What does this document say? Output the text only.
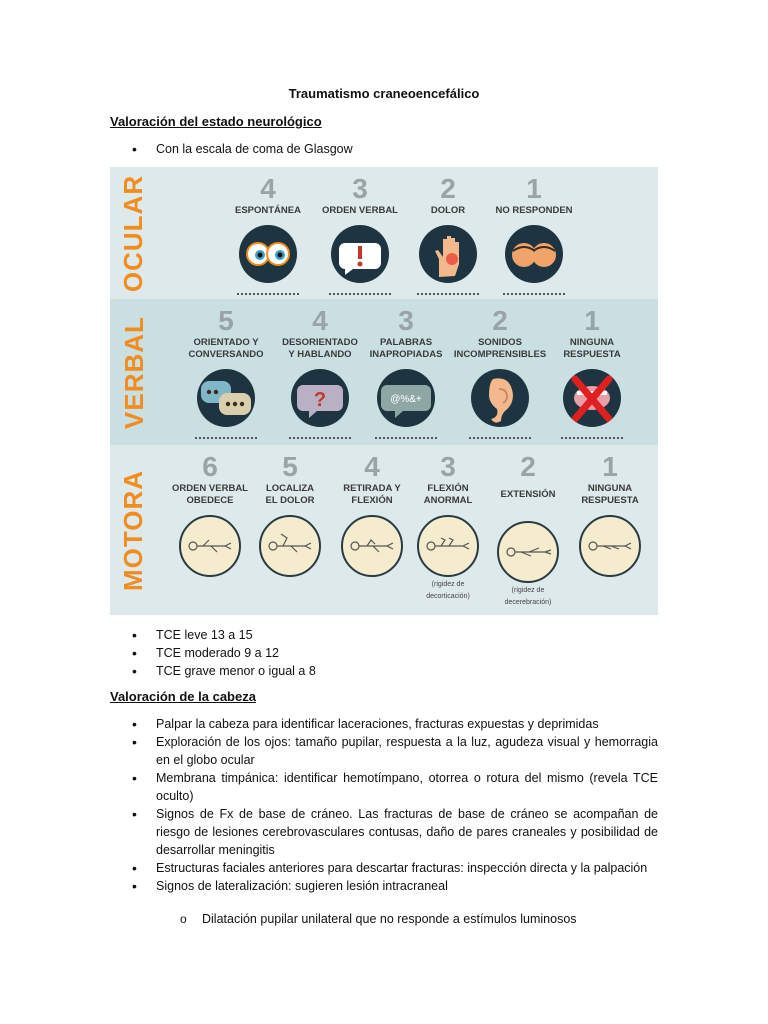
Traumatismo craneoencefálico
Valoración del estado neurológico
• Con la escala de coma de Glasgow
OCULAR	4
ESPONTÁNEA
3
ORDEN VERBAL
2
DOLOR
1
NO RESPONDEN
VERBAL	5
ORIENTADO Y
CONVERSANDO
4
DESORIENTADO
Y HABLANDO
?
3
PALABRAS
INAPROPIADAS
@%&+
2
SONIDOS
INCOMPRENSIBLES
1
NINGUNA
RESPUESTA
MOTORA
6
ORDEN VERBAL
OBEDECE
5
LOCALIZA
EL DOLOR
4
RETIRADA Y
FLEXIÓN
3
FLEXIÓN
ANORMAL
(rigidez de
decorticación)
2
EXTENSIÓN
(rigidez de
decerebración)
1
NINGUNA
RESPUESTA
• TCE leve 13 a 15
• TCE moderado 9 a 12
• TCE grave menor o igual a 8
Valoración de la cabeza
• Palpar la cabeza para identificar laceraciones, fracturas expuestas y deprimidas
• Exploración de los ojos: tamaño pupilar, respuesta a la luz, agudeza visual y hemorragia en el globo ocular
• Membrana timpánica: identificar hemotímpano, otorrea o rotura del mismo (revela TCE oculto)
• Signos de Fx de base de cráneo. Las fracturas de base de cráneo se acompañan de riesgo de lesiones cerebrovasculares contusas, daño de pares craneales y posibilidad de desarrollar meningitis
• Estructuras faciales anteriores para descartar fracturas: inspección directa y la palpación
• Signos de lateralización: sugieren lesión intracraneal
o Dilatación pupilar unilateral que no responde a estímulos luminosos
